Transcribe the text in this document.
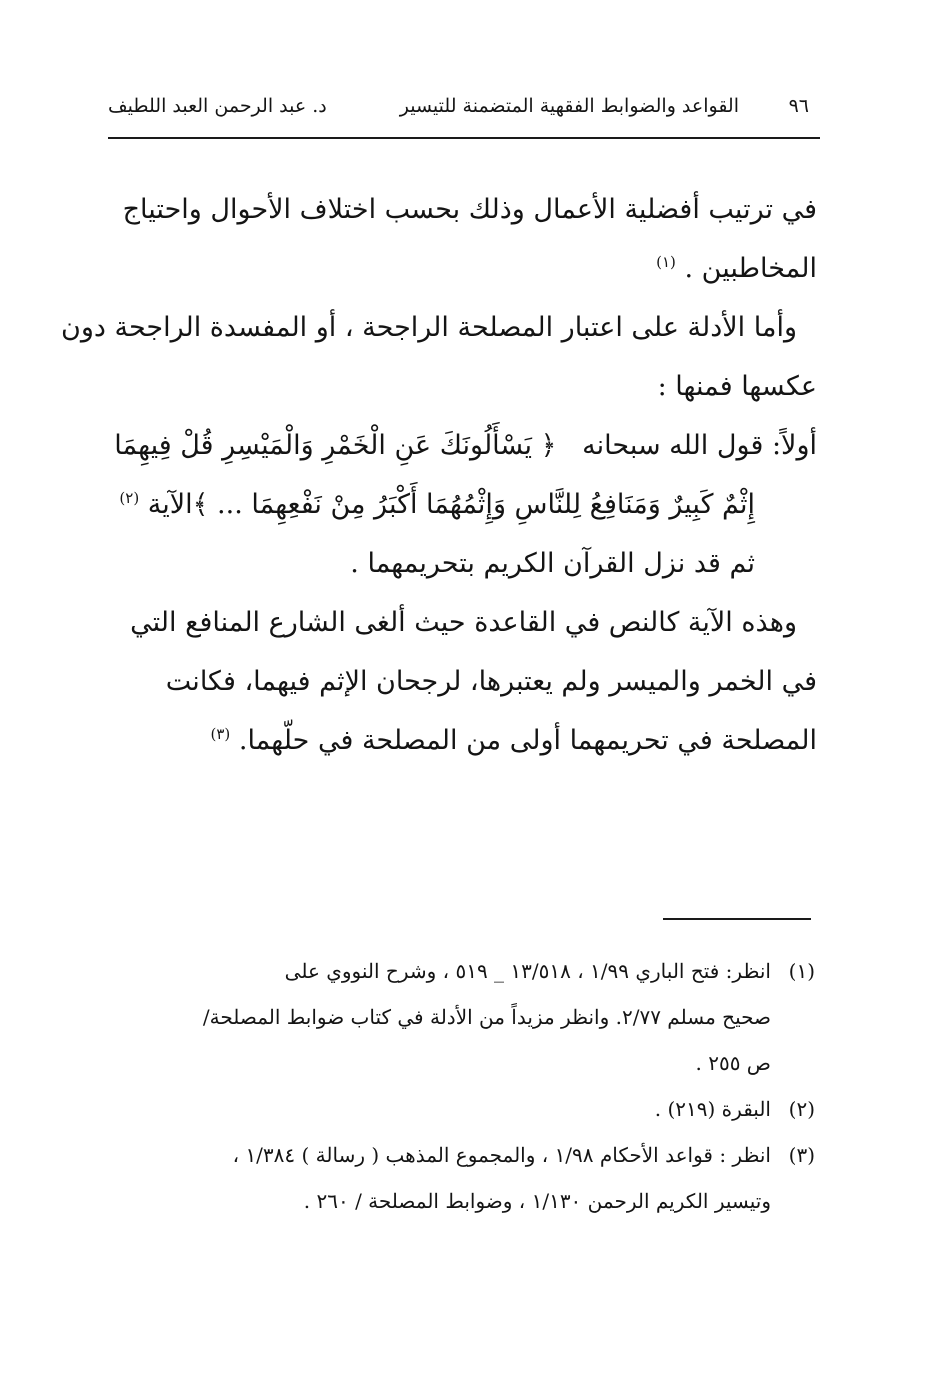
٩٦
القواعد والضوابط الفقهية المتضمنة للتيسير
د. عبد الرحمن العبد اللطيف

في ترتيب أفضلية الأعمال وذلك بحسب اختلاف الأحوال واحتياج
المخاطبين . $^{(١)}$

وأما الأدلة على اعتبار المصلحة الراجحة ، أو المفسدة الراجحة دون
عكسها فمنها :

أولاً: قول الله سبحانه   ﴿ يَسْأَلُونَكَ عَنِ الْخَمْرِ وَالْمَيْسِرِ قُلْ فِيهِمَا
إِثْمٌ كَبِيرٌ وَمَنَافِعُ لِلنَّاسِ وَإِثْمُهُمَا أَكْبَرُ مِنْ نَفْعِهِمَا ... ﴾الآية $^{(٢)}$
ثم قد نزل القرآن الكريم بتحريمهما .

وهذه الآية كالنص في القاعدة حيث ألغى الشارع المنافع التي
في الخمر والميسر ولم يعتبرها، لرجحان الإثم فيهما، فكانت
المصلحة في تحريمهما أولى من المصلحة في حلّهما. $^{(٣)}$

(١)انظر: فتح الباري ١/٩٩ ، ١٣/٥١٨ _ ٥١٩ ، وشرح النووي على
صحيح مسلم ٢/٧٧. وانظر مزيداً من الأدلة في كتاب ضوابط المصلحة/
ص ٢٥٥ .

(٢)البقرة (٢١٩) .

(٣)انظر : قواعد الأحكام ١/٩٨ ، والمجموع المذهب ( رسالة ) ١/٣٨٤ ،
وتيسير الكريم الرحمن ١/١٣٠ ، وضوابط المصلحة / ٢٦٠ .
